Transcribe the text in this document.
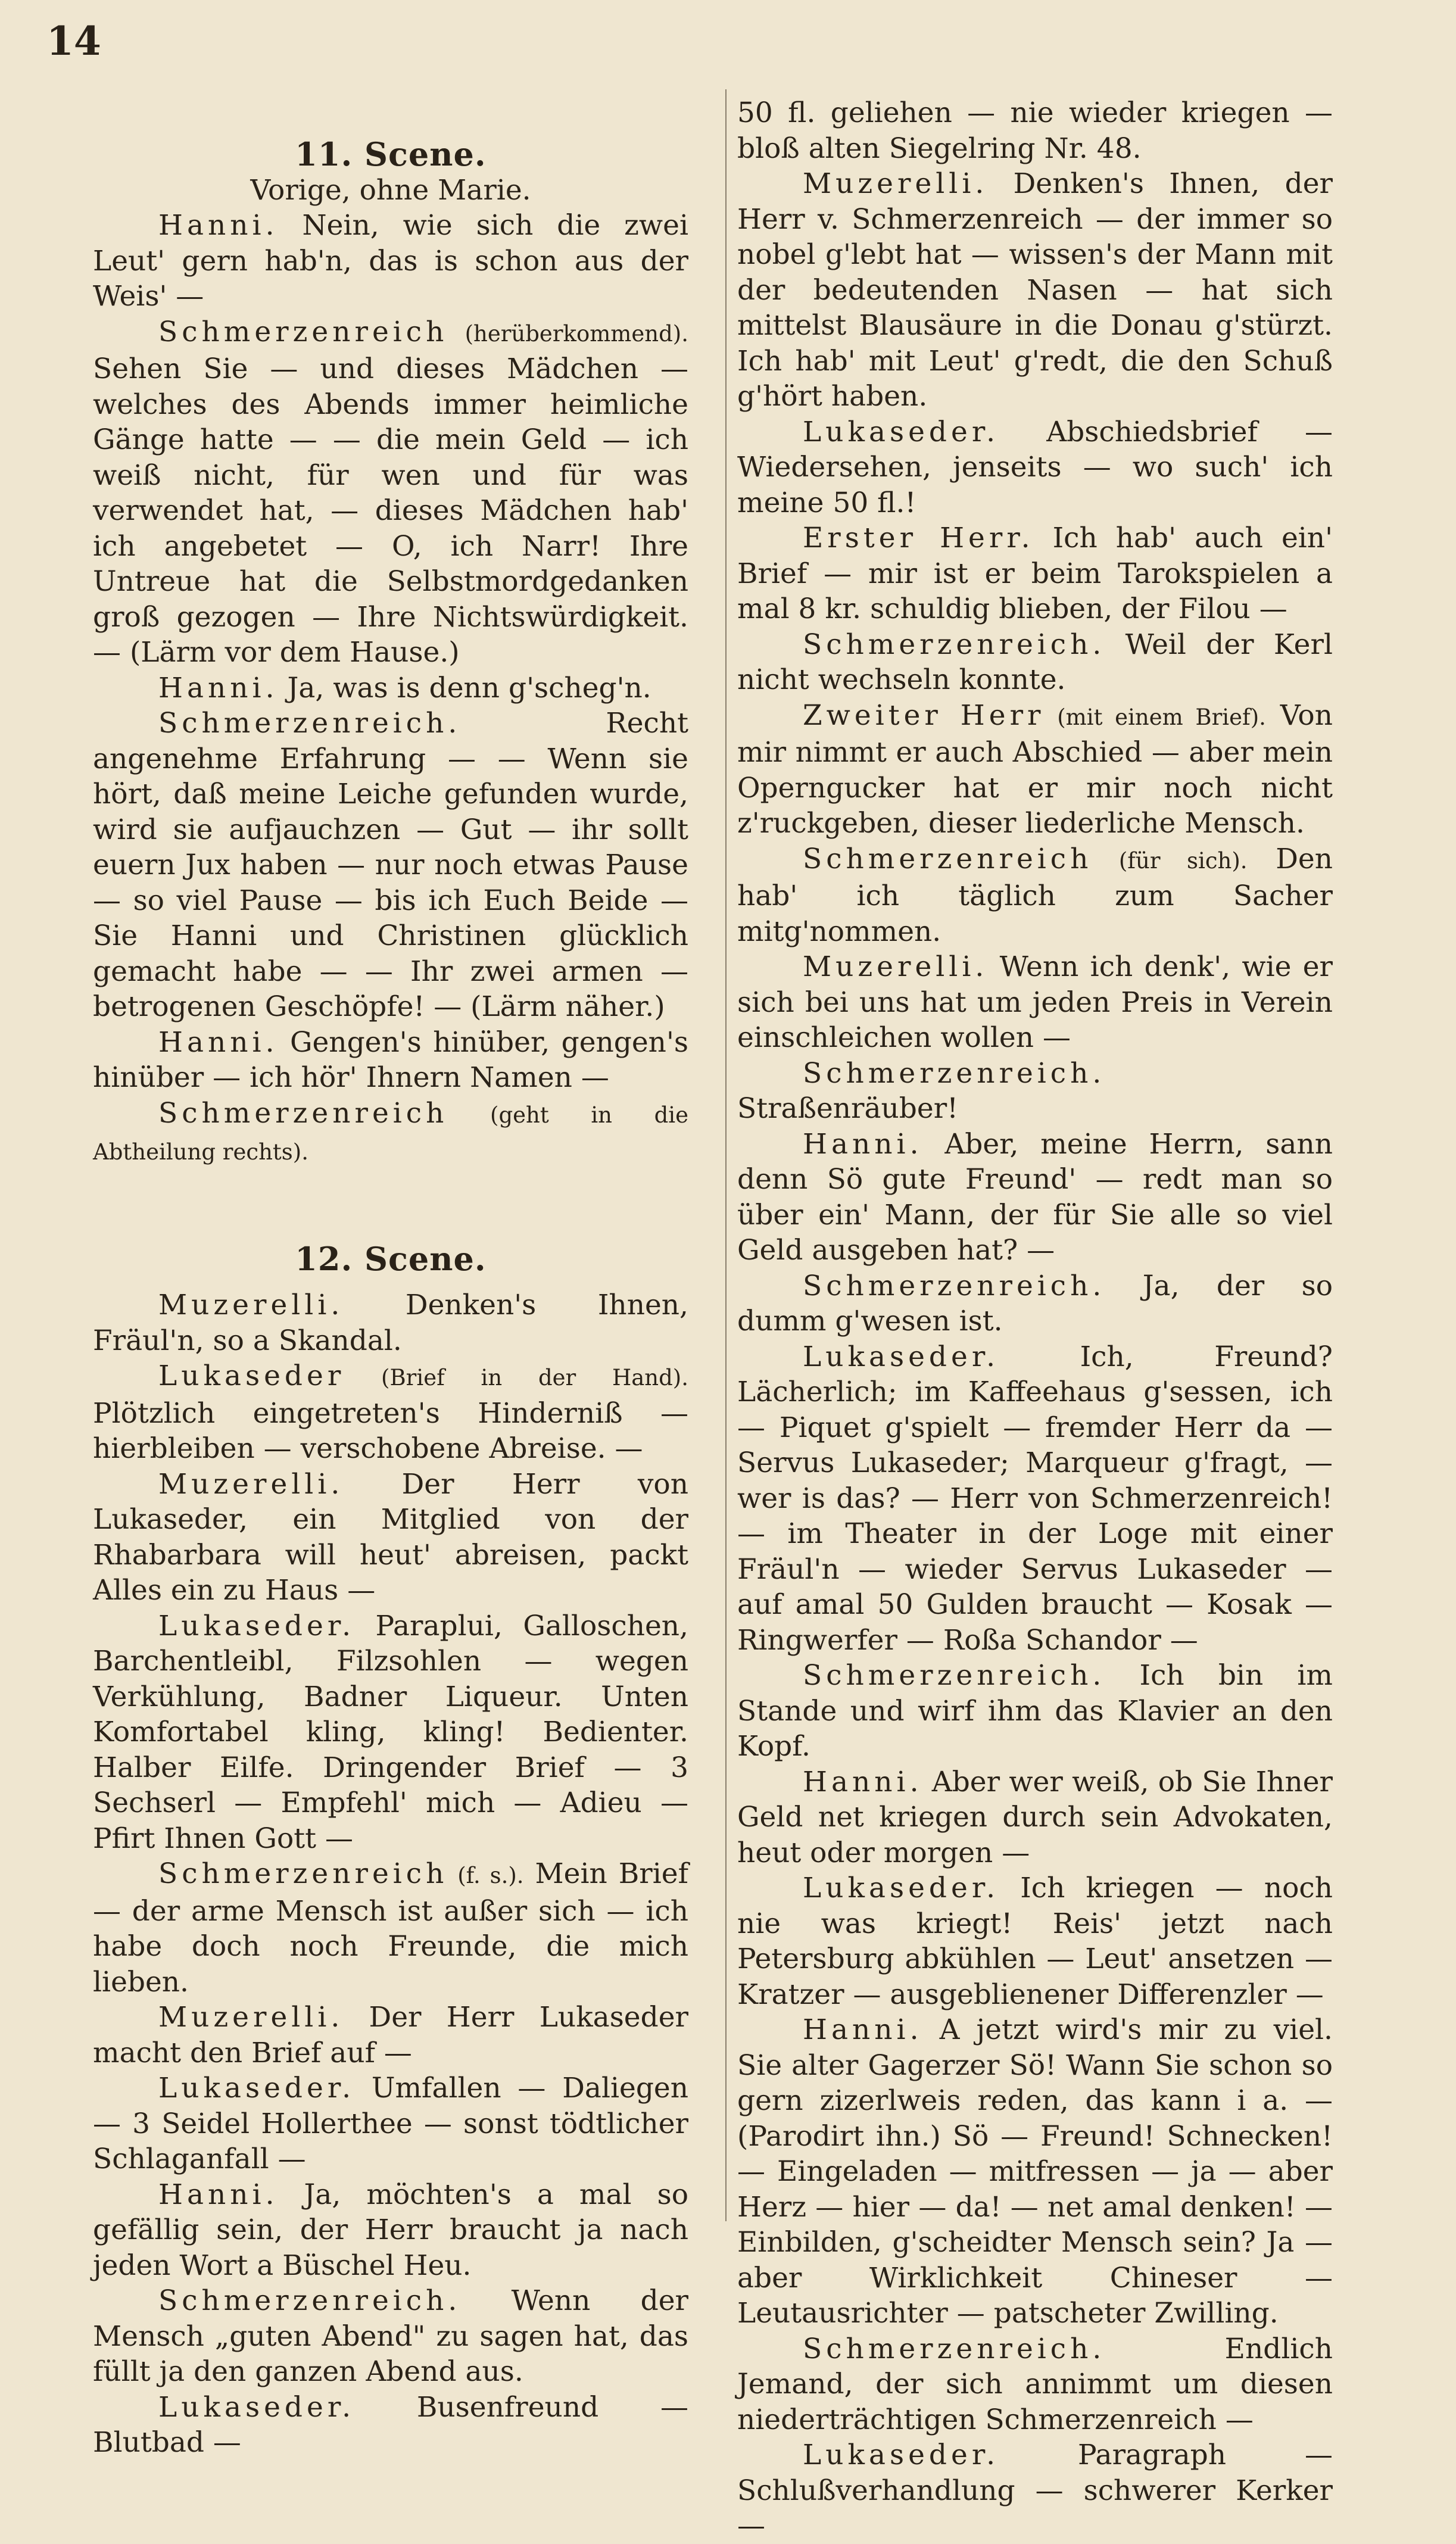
14

11. Scene.

Vorige, ohne Marie.

Hanni. Nein, wie sich die zwei Leut' gern hab'n, das is schon aus der Weis' —

Schmerzenreich (herüberkommend). Sehen Sie — und dieses Mädchen — welches des Abends immer heimliche Gänge hatte — — die mein Geld — ich weiß nicht, für wen und für was verwendet hat, — dieses Mädchen hab' ich angebetet — O, ich Narr! Ihre Untreue hat die Selbstmordgedanken groß gezogen — Ihre Nichtswürdigkeit. — (Lärm vor dem Hause.)

Hanni. Ja, was is denn g'scheg'n.

Schmerzenreich. Recht angenehme Erfahrung — — Wenn sie hört, daß meine Leiche gefunden wurde, wird sie aufjauchzen — Gut — ihr sollt euern Jux haben — nur noch etwas Pause — so viel Pause — bis ich Euch Beide — Sie Hanni und Christinen glücklich gemacht habe — — Ihr zwei armen — betrogenen Geschöpfe! — (Lärm näher.)

Hanni. Gengen's hinüber, gengen's hinüber — ich hör' Ihnern Namen —

Schmerzenreich (geht in die Abtheilung rechts).

12. Scene.

Muzerelli. Denken's Ihnen, Fräul'n, so a Skandal.

Lukaseder (Brief in der Hand). Plötzlich eingetreten's Hinderniß — hierbleiben — verschobene Abreise. —

Muzerelli. Der Herr von Lukaseder, ein Mitglied von der Rhabarbara will heut' abreisen, packt Alles ein zu Haus —

Lukaseder. Paraplui, Galloschen, Barchentleibl, Filzsohlen — wegen Verkühlung, Badner Liqueur. Unten Komfortabel kling, kling! Bedienter. Halber Eilfe. Dringender Brief — 3 Sechserl — Empfehl' mich — Adieu — Pfirt Ihnen Gott —

Schmerzenreich (f. s.). Mein Brief — der arme Mensch ist außer sich — ich habe doch noch Freunde, die mich lieben.

Muzerelli. Der Herr Lukaseder macht den Brief auf —

Lukaseder. Umfallen — Daliegen — 3 Seidel Hollerthee — sonst tödtlicher Schlaganfall —

Hanni. Ja, möchten's a mal so gefällig sein, der Herr braucht ja nach jeden Wort a Büschel Heu.

Schmerzenreich. Wenn der Mensch „guten Abend" zu sagen hat, das füllt ja den ganzen Abend aus.

Lukaseder. Busenfreund — Blutbad —

50 fl. geliehen — nie wieder kriegen — bloß alten Siegelring Nr. 48.

Muzerelli. Denken's Ihnen, der Herr v. Schmerzenreich — der immer so nobel g'lebt hat — wissen's der Mann mit der bedeutenden Nasen — hat sich mittelst Blausäure in die Donau g'stürzt. Ich hab' mit Leut' g'redt, die den Schuß g'hört haben.

Lukaseder. Abschiedsbrief — Wiedersehen, jenseits — wo such' ich meine 50 fl.!

Erster Herr. Ich hab' auch ein' Brief — mir ist er beim Tarokspielen a mal 8 kr. schuldig blieben, der Filou —

Schmerzenreich. Weil der Kerl nicht wechseln konnte.

Zweiter Herr (mit einem Brief). Von mir nimmt er auch Abschied — aber mein Operngucker hat er mir noch nicht z'ruckgeben, dieser liederliche Mensch.

Schmerzenreich (für sich). Den hab' ich täglich zum Sacher mitg'nommen.

Muzerelli. Wenn ich denk', wie er sich bei uns hat um jeden Preis in Verein einschleichen wollen —

Schmerzenreich. Straßenräuber!

Hanni. Aber, meine Herrn, sann denn Sö gute Freund' — redt man so über ein' Mann, der für Sie alle so viel Geld ausgeben hat? —

Schmerzenreich. Ja, der so dumm g'wesen ist.

Lukaseder. Ich, Freund? Lächerlich; im Kaffeehaus g'sessen, ich — Piquet g'spielt — fremder Herr da — Servus Lukaseder; Marqueur g'fragt, — wer is das? — Herr von Schmerzenreich! — im Theater in der Loge mit einer Fräul'n — wieder Servus Lukaseder — auf amal 50 Gulden braucht — Kosak — Ringwerfer — Roßa Schandor —

Schmerzenreich. Ich bin im Stande und wirf ihm das Klavier an den Kopf.

Hanni. Aber wer weiß, ob Sie Ihner Geld net kriegen durch sein Advokaten, heut oder morgen —

Lukaseder. Ich kriegen — noch nie was kriegt! Reis' jetzt nach Petersburg abkühlen — Leut' ansetzen — Kratzer — ausgeblienener Differenzler —

Hanni. A jetzt wird's mir zu viel. Sie alter Gagerzer Sö! Wann Sie schon so gern zizerlweis reden, das kann i a. — (Parodirt ihn.) Sö — Freund! Schnecken! — Eingeladen — mitfressen — ja — aber Herz — hier — da! — net amal denken! — Einbilden, g'scheidter Mensch sein? Ja — aber Wirklichkeit Chineser — Leutausrichter — patscheter Zwilling.

Schmerzenreich. Endlich Jemand, der sich annimmt um diesen niederträchtigen Schmerzenreich —

Lukaseder. Paragraph — Schlußverhandlung — schwerer Kerker —
